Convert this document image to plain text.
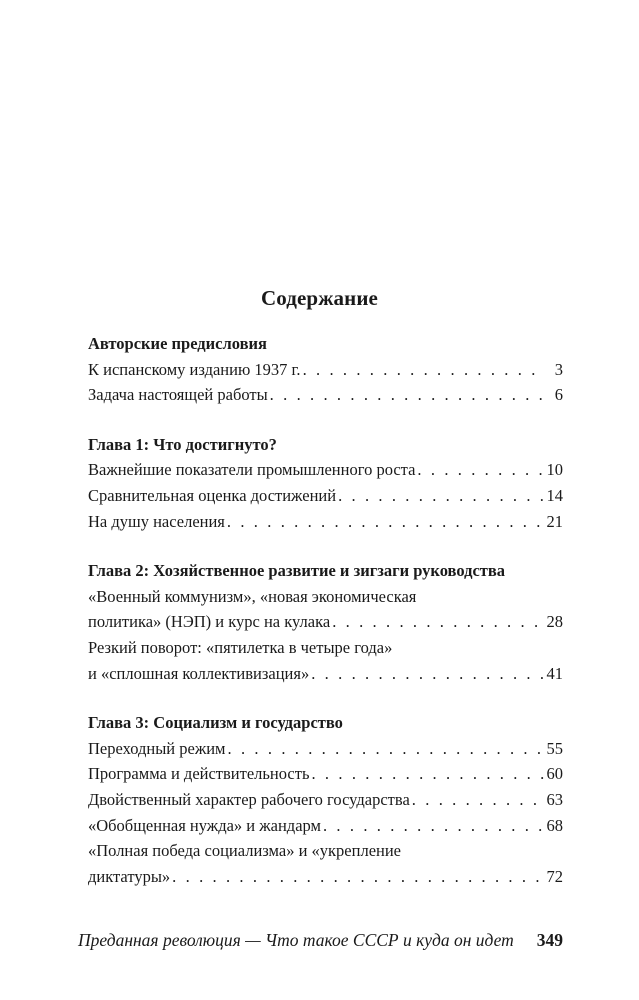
Содержание
Авторские предисловия
К испанскому изданию 1937 г. . . .	3
Задача настоящей работы . . .	6
Глава 1: Что достигнуто?
Важнейшие показатели промышленного роста . . .	10
Сравнительная оценка достижений . . .	14
На душу населения . . .	21
Глава 2: Хозяйственное развитие и зигзаги руководства
«Военный коммунизм», «новая экономическая
политика» (НЭП) и курс на кулака . . .	28
Резкий поворот: «пятилетка в четыре года»
и «сплошная коллективизация» . . .	41
Глава 3: Социализм и государство
Переходный режим . . .	55
Программа и действительность . . .	60
Двойственный характер рабочего государства . . .	63
«Обобщенная нужда» и жандарм . . .	68
«Полная победа социализма» и «укрепление
диктатуры» . . .	72
Преданная революция — Что такое СССР и куда он идет	349
